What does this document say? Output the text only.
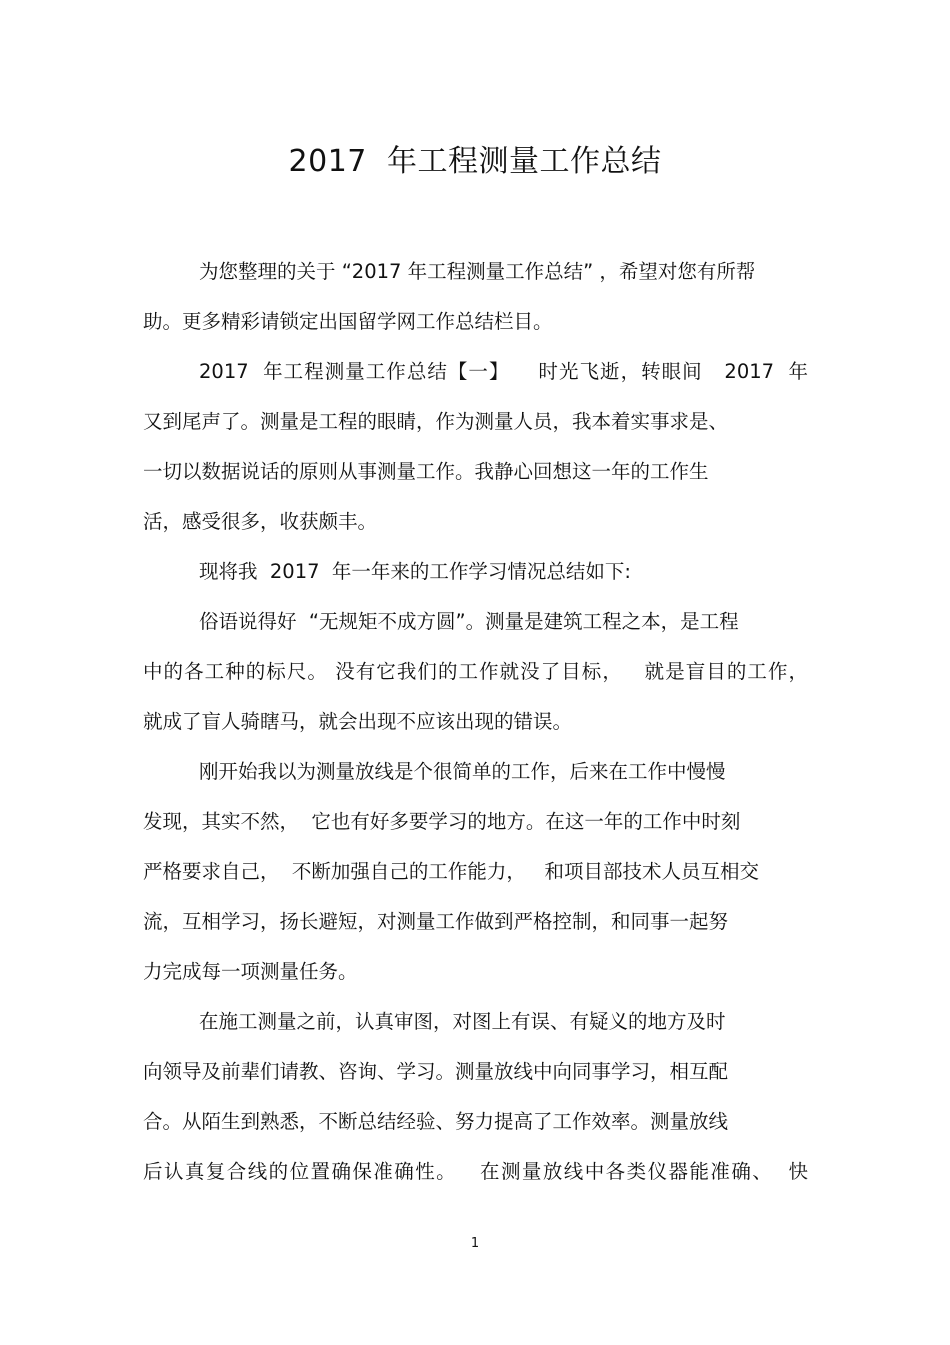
2017  年工程测量工作总结
为您整理的关于 “2017 年工程测量工作总结” ，希望对您有所帮
助。更多精彩请锁定出国留学网工作总结栏目。
2017  年工程测量工作总结【一】    时光飞逝，转眼间   2017  年
又到尾声了。测量是工程的眼睛，作为测量人员，我本着实事求是、
一切以数据说话的原则从事测量工作。我静心回想这一年的工作生
活，感受很多，收获颇丰。
现将我  2017  年一年来的工作学习情况总结如下:
俗语说得好  “无规矩不成方圆”。测量是建筑工程之本，是工程
中的各工种的标尺。 没有它我们的工作就没了目标，   就是盲目的工作，
就成了盲人骑瞎马，就会出现不应该出现的错误。
刚开始我以为测量放线是个很简单的工作，后来在工作中慢慢
发现，其实不然，  它也有好多要学习的地方。在这一年的工作中时刻
严格要求自己，  不断加强自己的工作能力，   和项目部技术人员互相交
流，互相学习，扬长避短，对测量工作做到严格控制，和同事一起努
力完成每一项测量任务。
在施工测量之前，认真审图，对图上有误、有疑义的地方及时
向领导及前辈们请教、咨询、学习。测量放线中向同事学习，相互配
合。从陌生到熟悉，不断总结经验、努力提高了工作效率。测量放线
后认真复合线的位置确保准确性。   在测量放线中各类仪器能准确、  快
1
